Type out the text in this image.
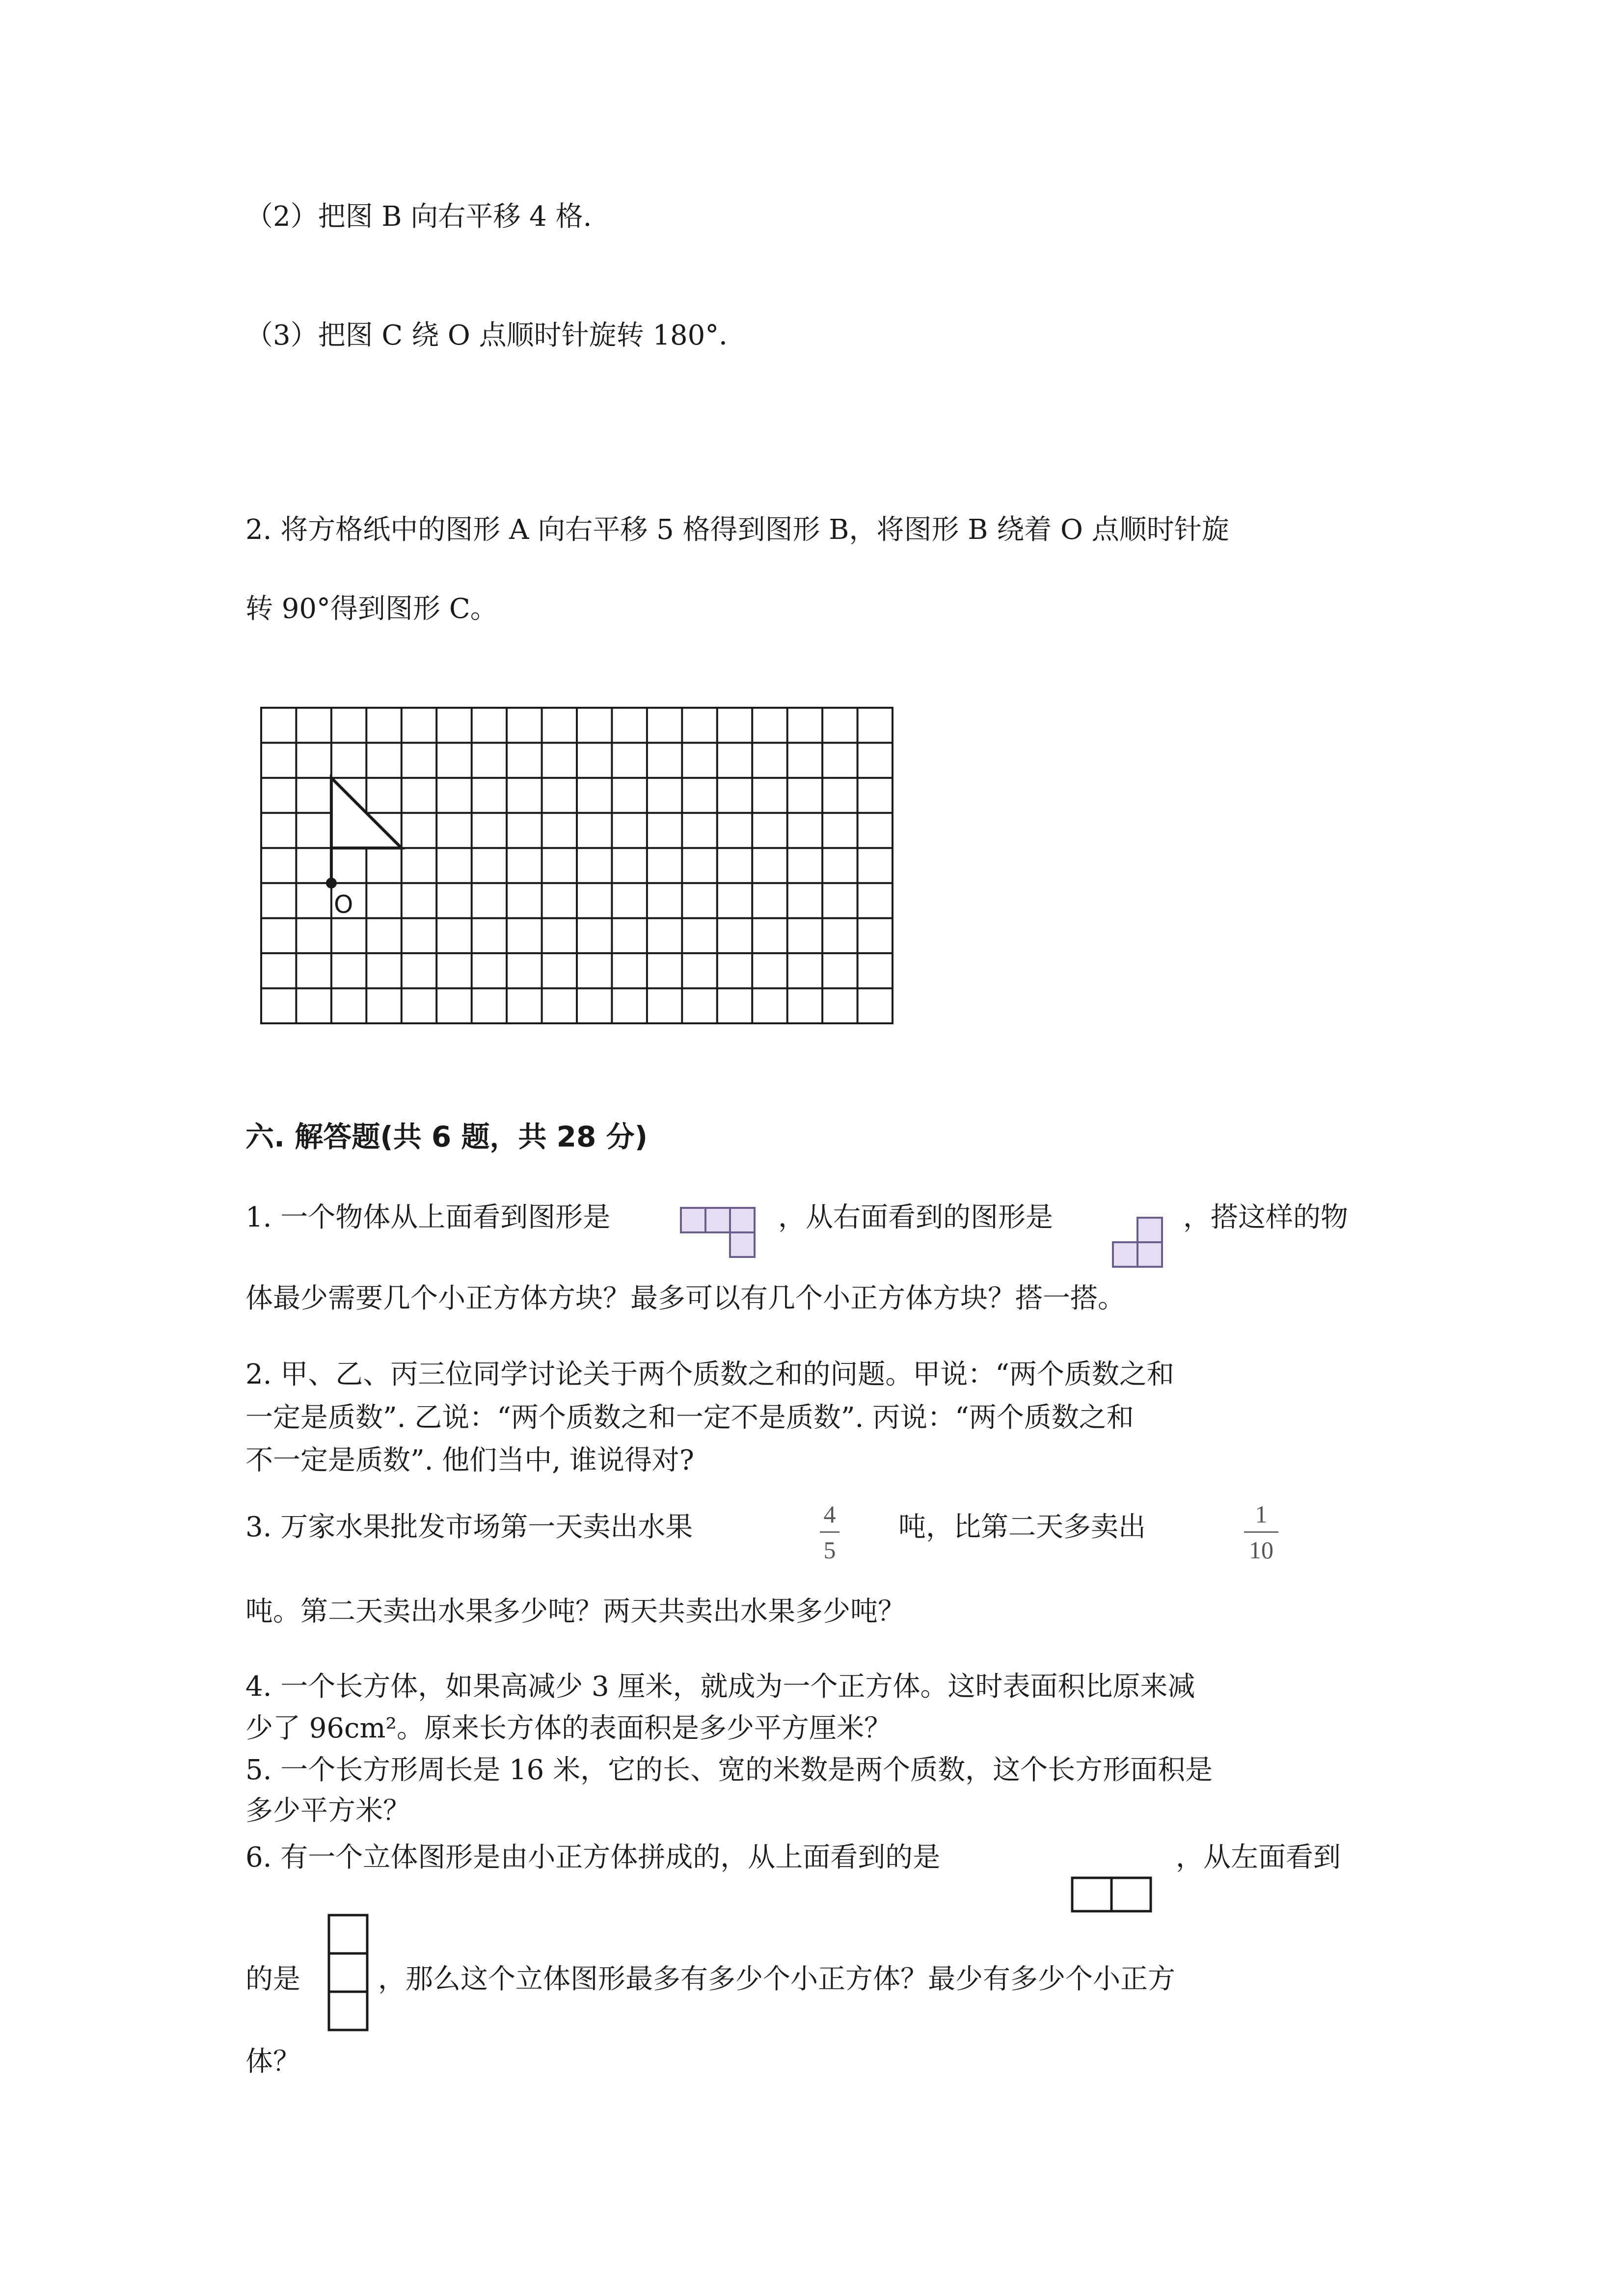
（2）把图 B 向右平移 4 格.
（3）把图 C 绕 O 点顺时针旋转 180°．
2. 将方格纸中的图形 A 向右平移 5 格得到图形 B，将图形 B 绕着 O 点顺时针旋
转 90°得到图形 C。
O
六. 解答题(共 6 题，共 28 分)
1. 一个物体从上面看到图形是	，从右面看到的图形是	，搭这样的物
体最少需要几个小正方体方块？最多可以有几个小正方体方块？搭一搭。
2. 甲、乙、丙三位同学讨论关于两个质数之和的问题。甲说：“两个质数之和
一定是质数”. 乙说：“两个质数之和一定不是质数”. 丙说：“两个质数之和
不一定是质数”. 他们当中, 谁说得对?
3. 万家水果批发市场第一天卖出水果	4
5
吨，比第二天多卖出	1
10
吨。第二天卖出水果多少吨？两天共卖出水果多少吨？
4. 一个长方体，如果高减少 3 厘米，就成为一个正方体。这时表面积比原来减
少了 96cm²。原来长方体的表面积是多少平方厘米？
5. 一个长方形周长是 16 米，它的长、宽的米数是两个质数，这个长方形面积是
多少平方米？
6. 有一个立体图形是由小正方体拼成的，从上面看到的是	，从左面看到
的是	，那么这个立体图形最多有多少个小正方体？最少有多少个小正方
体？
